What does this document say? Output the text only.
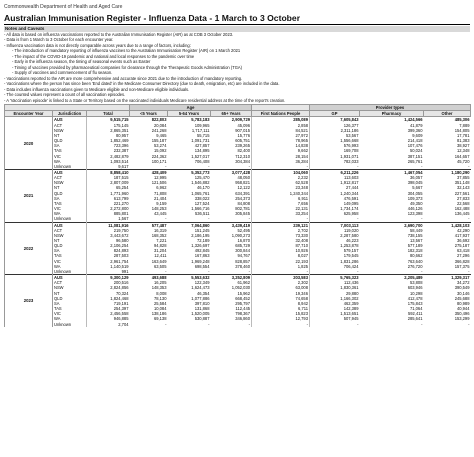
Commonwealth Department of Health and Aged Care
Australian Immunisation Register - Influenza Data - 1 March to 3 October
Notes and Caveats
- All data is based on influenza vaccinations reported to the Australian Immunisation Register (AIR) as at COB 3 October 2023.
- Data is from 1 March to 3 October for each encounter year.
- Influenza vaccination data is not directly comparable across years due to a range of factors, including:
- The introduction of mandatory reporting of influenza vaccines to the Australian Immunisation Register (AIR) on 1 March 2021
- The impact of the COVID-19 pandemic and national and local responses to the pandemic over time
- Early in the influenza season, the timing of seasonal events such as Easter
- Timing of vaccines provided by pharmaceutical companies for clearance through the Therapeutic Goods Administration (TGA)
- Supply of vaccines and commencement of flu season.
- Vaccinations reported to the AIR are more comprehensive and accurate since 2021 due to the introduction of mandatory reporting.
- Vaccinations where the person has since been 'End dated' in the Medicare Consumer Directory (due to death, emigration, etc) are included in the data.
- Data includes influenza vaccinations given to Medicare eligible and non-Medicare eligible individuals.
- The counted values represent a count of all vaccination episodes.
- A 'Vaccination episode' is linked to a State or Territory based on the vaccinated individuals Medicare residential address at the time of the report's creation.
			Age				Provider types		
Encounter Year	Jurisdiction	Total	<5 Years	5-64 Years	65+ Years	First Nations People	GP	Pharmacy	Other
2020	AUS	9,515,715	822,803	5,783,183	2,909,729	285,089	7,605,843	1,424,566	485,306
	ACT	175,145	20,084	109,965	45,096	2,858	126,377	41,879	7,889
	NSW	2,865,351	241,268	1,717,111	907,015	84,521	2,311,186	399,360	154,805
	NT	80,957	9,465	55,715	15,776	27,972	53,567	9,609	17,781
	QLD	1,852,469	155,187	1,091,731	605,751	78,965	1,556,668	214,418	81,383
	SA	723,396	53,274	427,857	239,265	14,838	576,993	107,476	38,927
	TAS	232,387	15,092	134,895	82,400	9,662	169,708	50,024	12,348
	VIC	2,482,879	224,362	1,527,017	712,310	28,154	1,931,071	387,151	164,657
	WA	1,093,514	100,171	706,408	304,384	36,284	782,033	265,761	45,720
	Unknown	9,617	-	-	-	-	-	-	-
2021	AUS	8,858,410	428,409	5,352,773	3,077,428	104,060	6,211,226	1,467,054	1,180,290
	ACT	187,515	12,995	125,470	48,050	2,232	113,603	36,057	37,855
	NSW	2,807,009	121,506	1,546,882	958,821	62,528	1,912,817	398,045	351,148
	NT	65,254	6,962	46,170	12,122	23,348	27,444	5,667	32,143
	QLD	1,771,960	71,808	1,065,761	634,391	1,240,344	1,240,344	304,055	227,561
	SA	613,799	21,404	338,022	254,373	6,911	476,591	109,373	27,833
	TAS	221,270	9,159	127,524	84,808	7,656	149,095	49,350	22,568
	VIC	2,272,800	148,253	1,566,716	802,781	22,131	1,734,174	446,126	162,488
	WA	885,801	43,445	536,511	305,845	33,254	625,958	123,398	136,445
	Unknown	1,567	-	-	-	-	-	-	-
2022	AUS	11,081,916	577,487	7,064,860	3,439,419	239,121	7,003,113	2,690,700	1,428,103
	ACT	219,750	16,319	151,245	52,495	2,702	119,020	58,449	42,290
	NSW	3,443,672	168,352	2,186,195	1,090,273	73,330	2,287,580	738,155	417,937
	NT	96,580	7,221	72,189	16,870	32,408	46,223	13,567	36,692
	QLD	2,106,254	94,828	1,326,697	685,729	87,710	1,253,878	577,189	275,187
	SA	824,893	31,204	492,845	300,844	10,926	579,157	182,318	63,418
	TAS	287,503	12,411	167,863	94,767	8,027	179,545	80,662	27,296
	VIC	2,961,754	163,649	1,969,248	828,857	22,193	1,831,286	763,640	366,828
	WA	1,140,519	63,505	698,554	378,460	1,825	706,424	276,720	157,375
	Unknown	991	-	-	-	-	-	-	-
2023	AUS	9,300,129	493,688	5,553,632	3,252,809	203,583	5,765,323	2,205,489	1,329,317
	ACT	200,516	16,205	122,349	61,962	2,302	112,436	53,808	34,272
	NSW	2,824,856	148,353	1,624,473	1,052,030	63,008	1,830,361	603,946	390,549
	NT	70,324	8,008	46,354	15,962	19,346	29,880	10,298	30,146
	QLD	1,824,468	78,130	1,077,886	668,452	74,658	1,166,302	412,478	245,688
	SA	719,191	25,584	397,810	295,797	8,942	462,359	175,843	80,989
	TAS	254,397	10,084	131,868	112,445	6,711	142,389	71,064	40,944
	VIC	2,456,558	138,186	1,520,005	798,367	15,823	1,513,651	592,411	350,496
	WA	946,885	69,138	530,887	346,860	12,793	507,945	285,641	153,299
	Unknown	2,704	-	-	-	-	-	-	-
